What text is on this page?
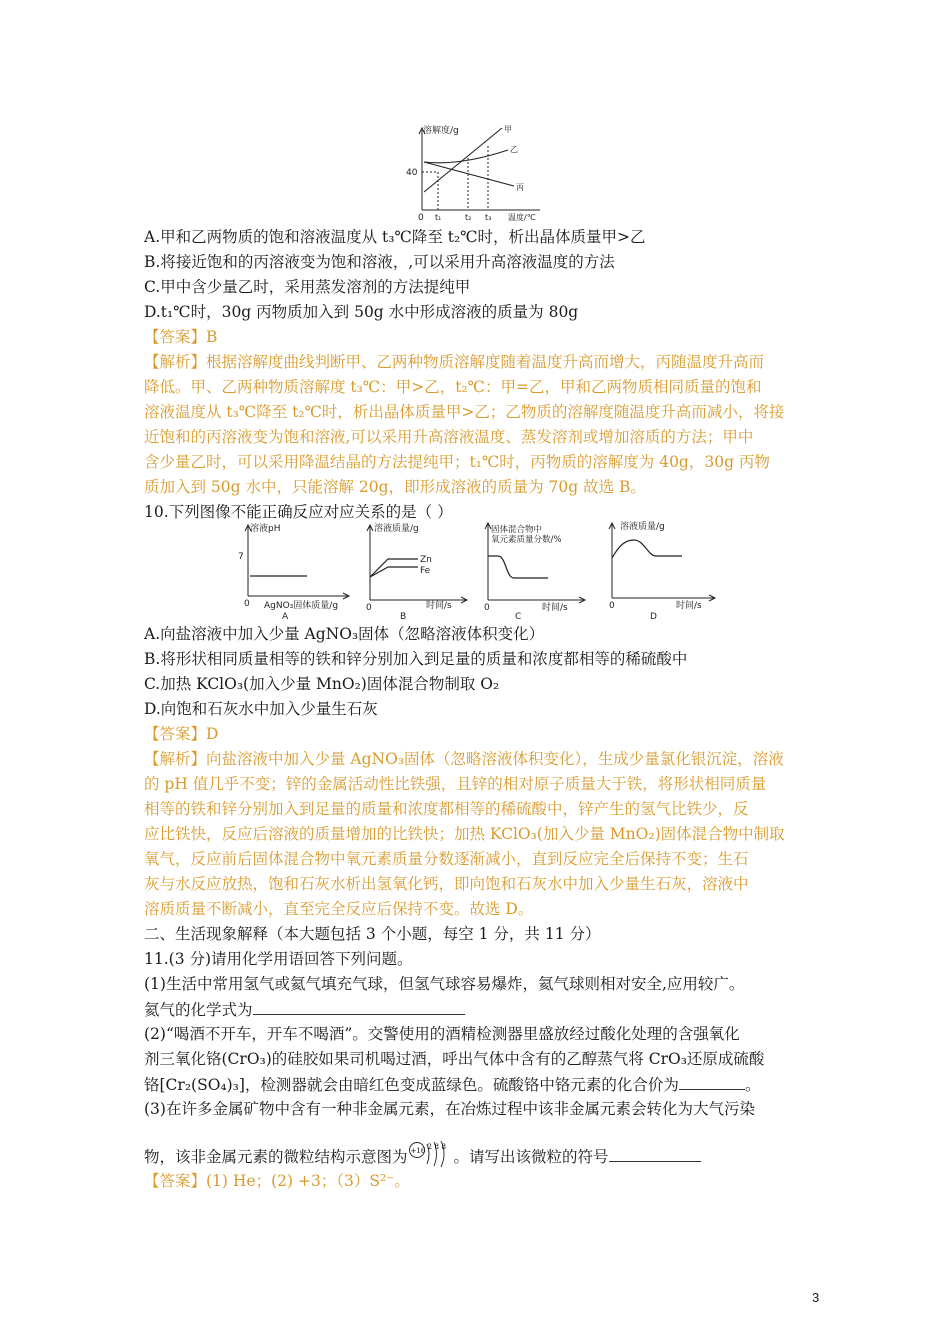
溶解度/g
40
0 t₁	t₂ t₃ 温度/℃
甲
乙
丙
A.甲和乙两物质的饱和溶液温度从 t₃℃降至 t₂℃时，析出晶体质量甲>乙
B.将接近饱和的丙溶液变为饱和溶液，,可以采用升高溶液温度的方法
C.甲中含少量乙时，采用蒸发溶剂的方法提纯甲
D.t₁℃时，30g 丙物质加入到 50g 水中形成溶液的质量为 80g
【答案】B
【解析】根据溶解度曲线判断甲、乙两种物质溶解度随着温度升高而增大，丙随温度升高而
降低。甲、乙两种物质溶解度 t₃℃：甲>乙，t₂℃：甲=乙，甲和乙两物质相同质量的饱和
溶液温度从 t₃℃降至 t₂℃时，析出晶体质量甲>乙；乙物质的溶解度随温度升高而减小，将接
近饱和的丙溶液变为饱和溶液,可以采用升高溶液温度、蒸发溶剂或增加溶质的方法；甲中
含少量乙时，可以采用降温结晶的方法提纯甲；t₁℃时，丙物质的溶解度为 40g，30g 丙物
质加入到 50g 水中，只能溶解 20g，即形成溶液的质量为 70g 故选 B。
10.下列图像不能正确反应对应关系的是（ ）
溶液pH
7
0 AgNO₃固体质量/g
A
溶液质量/g
Zn
Fe
0	时间/s
B
固体混合物中
氧元素质量分数/%
0	时间/s
C
溶液质量/g
0	时间/s
D
A.向盐溶液中加入少量 AgNO₃固体（忽略溶液体积变化）
B.将形状相同质量相等的铁和锌分别加入到足量的质量和浓度都相等的稀硫酸中
C.加热 KClO₃(加入少量 MnO₂)固体混合物制取 O₂
D.向饱和石灰水中加入少量生石灰
【答案】D
【解析】向盐溶液中加入少量 AgNO₃固体（忽略溶液体积变化），生成少量氯化银沉淀，溶液
的 pH 值几乎不变；锌的金属活动性比铁强，且锌的相对原子质量大于铁，将形状相同质量
相等的铁和锌分别加入到足量的质量和浓度都相等的稀硫酸中，锌产生的氢气比铁少，反
应比铁快，反应后溶液的质量增加的比铁快；加热 KClO₃(加入少量 MnO₂)固体混合物中制取
氧气，反应前后固体混合物中氧元素质量分数逐渐减小，直到反应完全后保持不变；生石
灰与水反应放热，饱和石灰水析出氢氧化钙，即向饱和石灰水中加入少量生石灰，溶液中
溶质质量不断减小，直至完全反应后保持不变。故选 D。
二、生活现象解释（本大题包括 3 个小题，每空 1 分，共 11 分）
11.(3 分)请用化学用语回答下列问题。
(1)生活中常用氢气或氦气填充气球，但氢气球容易爆炸，氦气球则相对安全,应用较广。
氦气的化学式为
(2)“喝酒不开车，开车不喝酒”。交警使用的酒精检测器里盛放经过酸化处理的含强氧化
剂三氧化铬(CrO₃)的硅胶如果司机喝过酒，呼出气体中含有的乙醇蒸气将 CrO₃还原成硫酸
铬[Cr₂(SO₄)₃]，检测器就会由暗红色变成蓝绿色。硫酸铬中铬元素的化合价为	。
(3)在许多金属矿物中含有一种非金属元素，在冶炼过程中该非金属元素会转化为大气污染
物，该非金属元素的微粒结构示意图为 +16 2 8 8
。请写出该微粒的符号
【答案】(1) He；(2) +3；（3）S²⁻。
3
